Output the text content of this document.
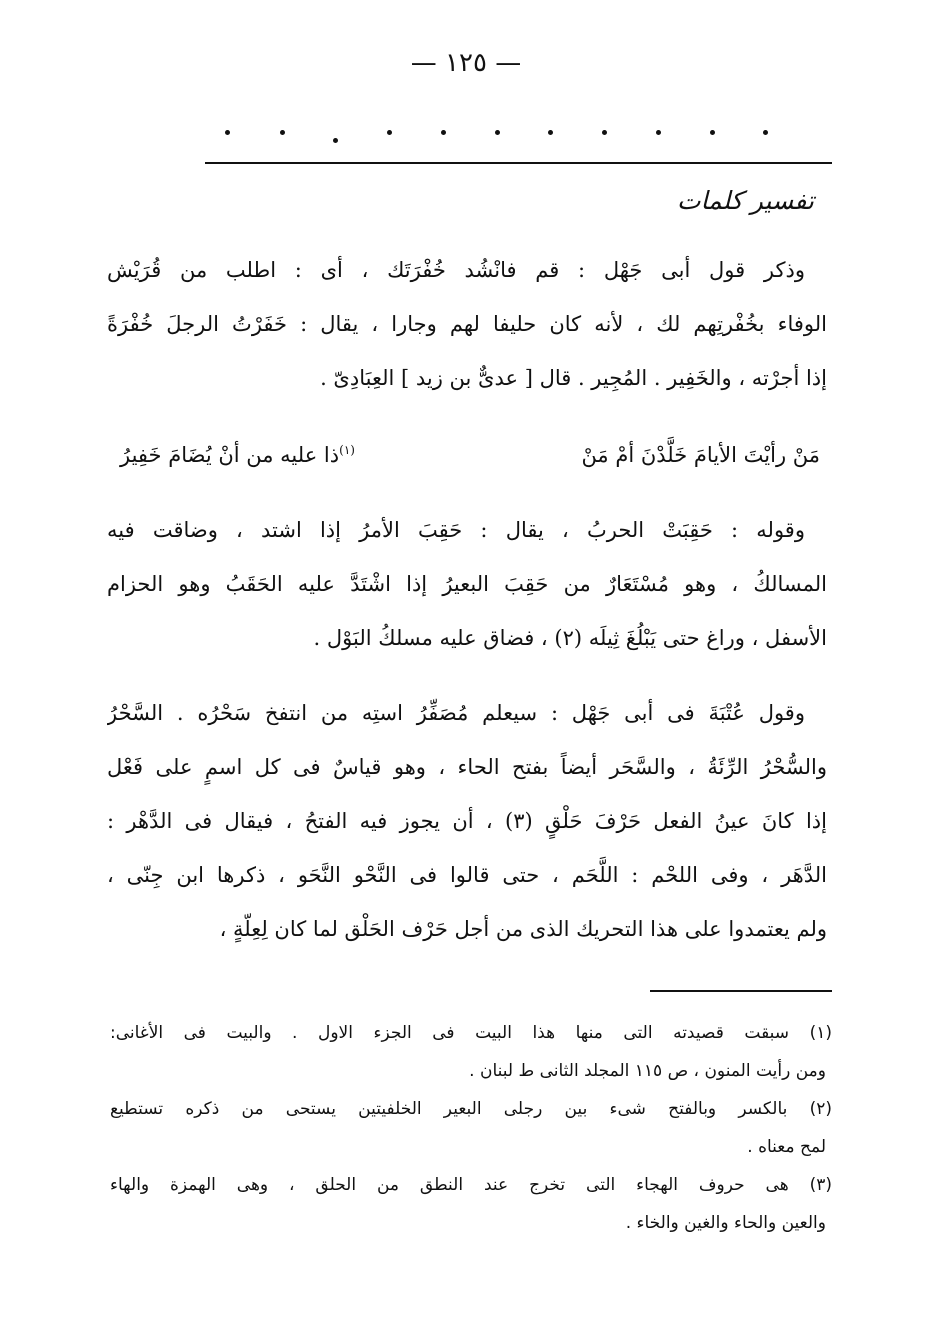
— ١٢٥ —
تفسير كلمات
وذكر قول أبى جَهْل : قم فانْشُد خُفْرَتَك ، أى : اطلب من قُرَيْش
الوفاء بخُفْرتِهم لك ، لأنه كان حليفا لهم وجارا ، يقال : خَفَرْتُ الرجلَ خُفْرَةً
إذا أجرْته ، والخَفِير . المُجِير . قال [ عدىٌّ بن زيد ] العِبَادِىّ .
مَنْ رأيْتَ الأيامَ خَلَّدْنَ أمْ مَنْ
$^{(١)}$ذا عليه من أنْ يُضَامَ خَفِيرُ
وقوله : حَقِبَتْ الحربُ ، يقال : حَقِبَ الأمرُ إذا اشتد ، وضاقت فيه
المسالكُ ، وهو مُسْتَعَارٌ من حَقِبَ البعيرُ إذا اشْتَدَّ عليه الحَقَبُ وهو الحزام
الأسفل ، وراغ حتى يَبْلُغَ ثِيلَه (٢) ، فضاق عليه مسلكُ البَوْل .
وقول عُتْبَةَ فى أبى جَهْل : سيعلم مُصَفِّرُ استِه من انتفخ سَحْرُه . السَّحْرُ
والسُّحْرُ الرِّئَةُ ، والسَّحَر أيضاً بفتح الحاء ، وهو قياسٌ فى كل اسمٍ على فَعْل
إذا كانَ عينُ الفعل حَرْفَ حَلْقٍ (٣) ، أن يجوز فيه الفتحُ ، فيقال فى الدَّهْر :
الدَّهَر ، وفى اللحْم : اللَّحَم ، حتى قالوا فى النَّحْو النَّحَو ، ذكرها ابن جِنّى ،
ولم يعتمدوا على هذا التحريك الذى من أجل حَرْف الحَلْق لما كان لِعِلّةٍ ،
(١) سبقت قصيدته التى منها هذا البيت فى الجزء الاول . والبيت فى الأغانى:
ومن رأيت المنون ، ص ١١٥ المجلد الثانى ط لبنان .
(٢) بالكسر وبالفتح شىء بين رجلى البعير الخلفيتين يستحى من ذكره تستطيع
لمح معناه .
(٣) هى حروف الهجاء التى تخرج عند النطق من الحلق ، وهى الهمزة والهاء
والعين والحاء والغين والخاء .
